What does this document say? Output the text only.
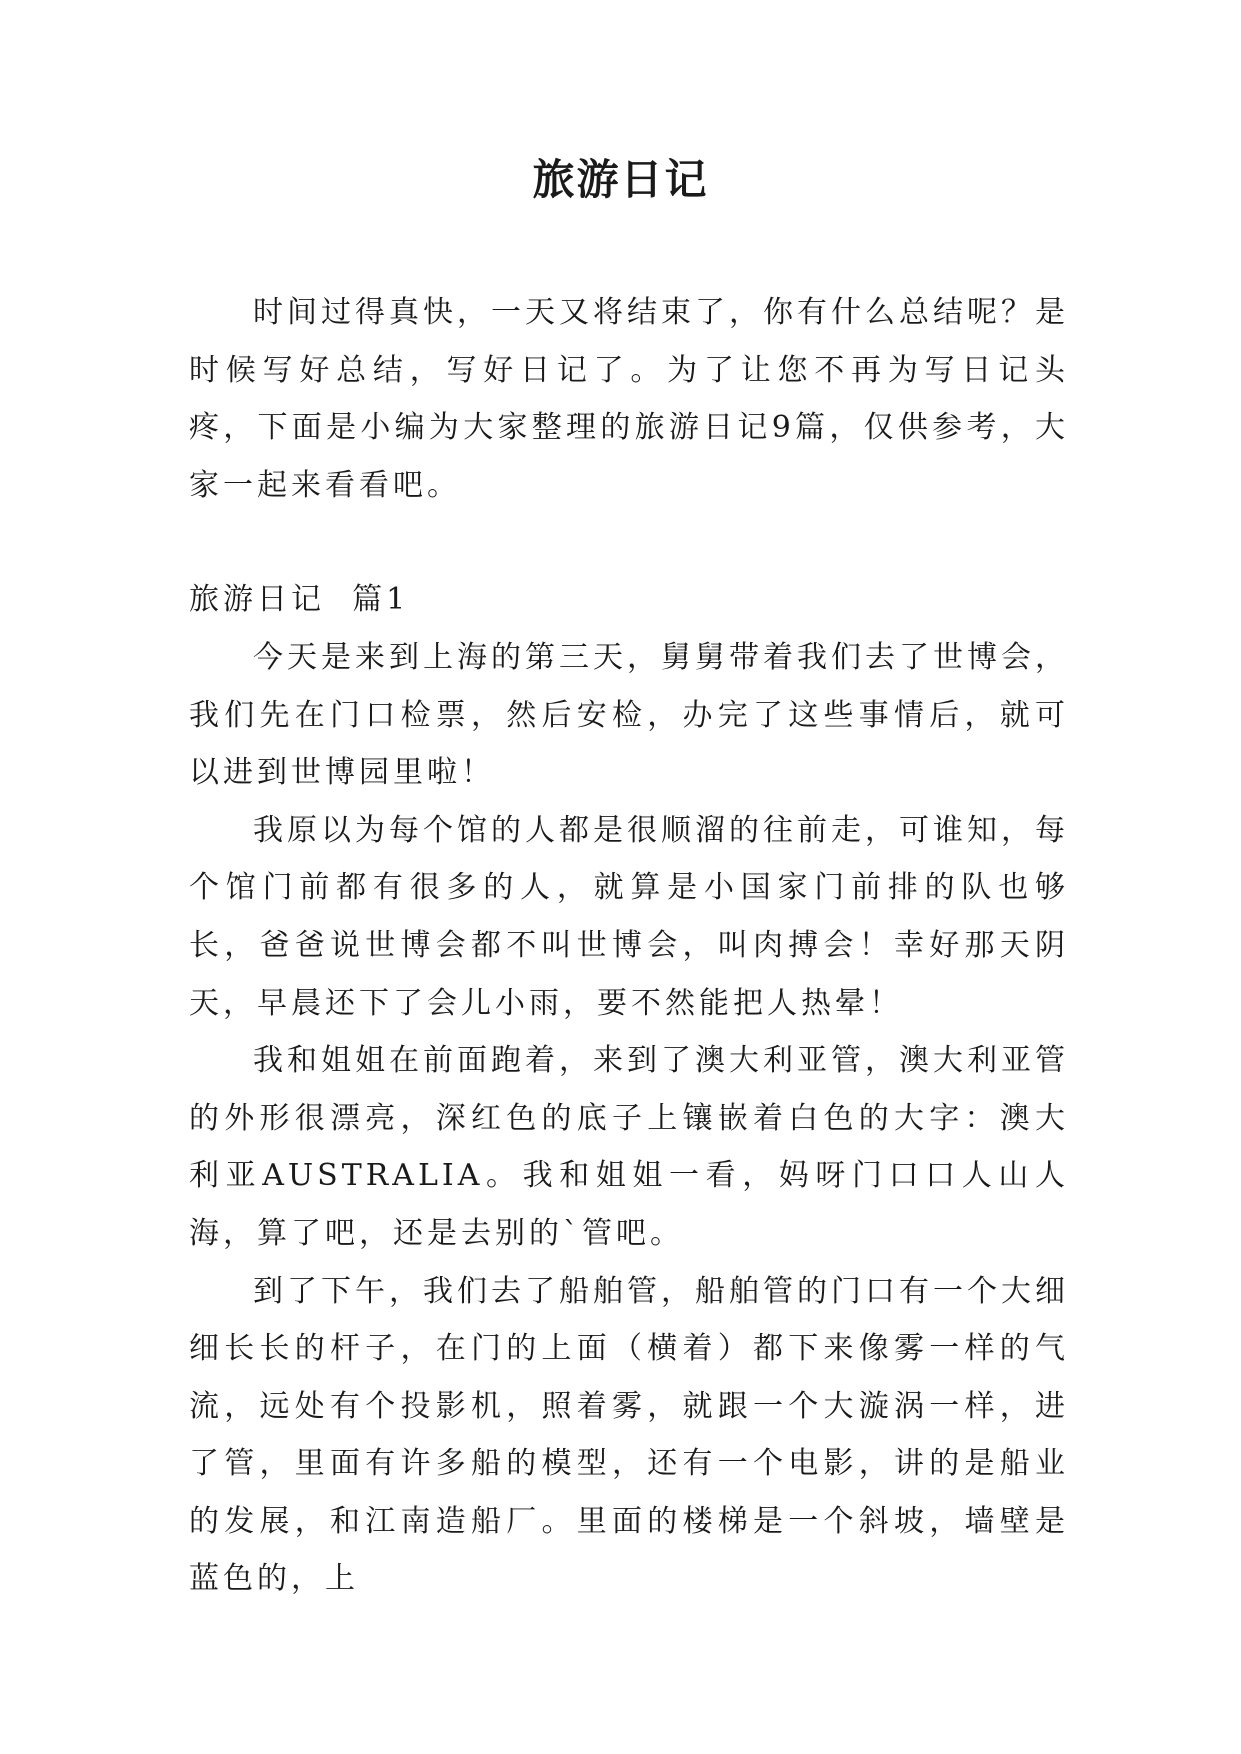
旅游日记

时间过得真快，一天又将结束了，你有什么总结呢？是时候写好总结，写好日记了。为了让您不再为写日记头疼，下面是小编为大家整理的旅游日记9篇，仅供参考，大家一起来看看吧。

旅游日记  篇1

今天是来到上海的第三天，舅舅带着我们去了世博会，我们先在门口检票，然后安检，办完了这些事情后，就可以进到世博园里啦！

我原以为每个馆的人都是很顺溜的往前走，可谁知，每个馆门前都有很多的人，就算是小国家门前排的队也够长，爸爸说世博会都不叫世博会，叫肉搏会！幸好那天阴天，早晨还下了会儿小雨，要不然能把人热晕！

我和姐姐在前面跑着，来到了澳大利亚管，澳大利亚管的外形很漂亮，深红色的底子上镶嵌着白色的大字：澳大利亚AUSTRALIA。我和姐姐一看，妈呀门口口人山人海，算了吧，还是去别的`管吧。

到了下午，我们去了船舶管，船舶管的门口有一个大细细长长的杆子，在门的上面（横着）都下来像雾一样的气流，远处有个投影机，照着雾，就跟一个大漩涡一样，进了管，里面有许多船的模型，还有一个电影，讲的是船业的发展，和江南造船厂。里面的楼梯是一个斜坡，墙壁是蓝色的，上
